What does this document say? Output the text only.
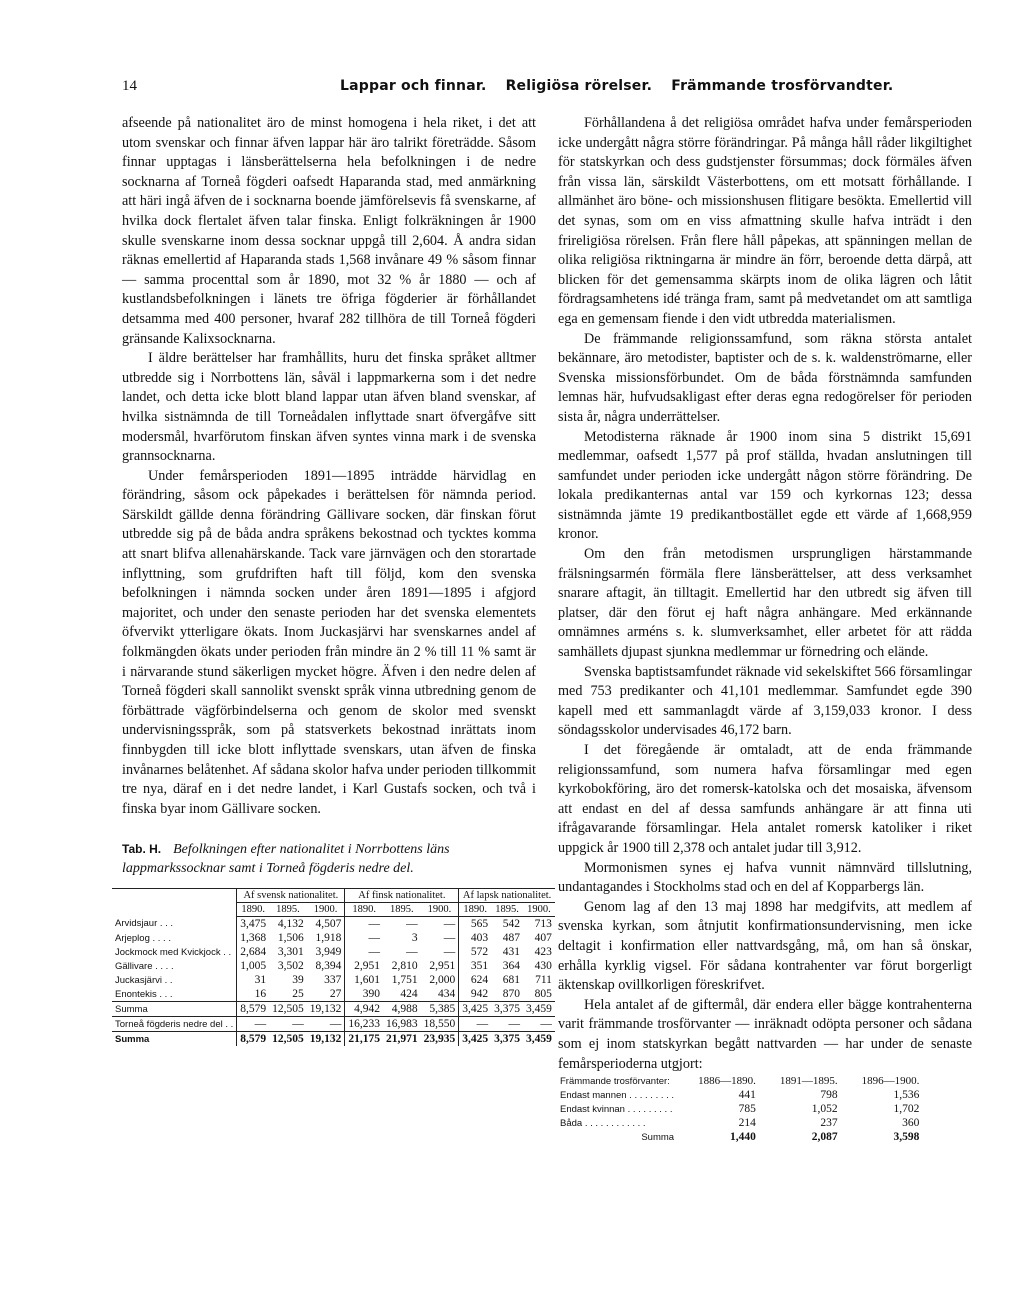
14	Lappar och finnar. Religiösa rörelser. Främmande trosförvandter.

afseende på nationalitet äro de minst homogena i hela riket, i det att utom svenskar och finnar äfven lappar här äro talrikt företrädde. Såsom finnar upptagas i länsberättelserna hela befolkningen i de nedre socknarna af Torneå fögderi oafsedt Haparanda stad, med anmärkning att häri ingå äfven de i socknarna boende jämförelsevis få svenskarne, af hvilka dock flertalet äfven talar finska. Enligt folkräkningen år 1900 skulle svenskarne inom dessa socknar uppgå till 2,604. Å andra sidan räknas emellertid af Haparanda stads 1,568 invånare 49 % såsom finnar — samma procenttal som år 1890, mot 32 % år 1880 — och af kustlandsbefolkningen i länets tre öfriga fögderier är förhållandet detsamma med 400 personer, hvaraf 282 tillhöra de till Torneå fögderi gränsande Kalixsocknarna.

I äldre berättelser har framhållits, huru det finska språket alltmer utbredde sig i Norrbottens län, såväl i lappmarkerna som i det nedre landet, och detta icke blott bland lappar utan äfven bland svenskar, af hvilka sistnämnda de till Torneådalen inflyttade snart öfvergåfve sitt modersmål, hvarförutom finskan äfven syntes vinna mark i de svenska grannsocknarna.

Under femårsperioden 1891—1895 inträdde härvidlag en förändring, såsom ock påpekades i berättelsen för nämnda period. Särskildt gällde denna förändring Gällivare socken, där finskan förut utbredde sig på de båda andra språkens bekostnad och tycktes komma att snart blifva allenahärskande. Tack vare järnvägen och den storartade inflyttning, som grufdriften haft till följd, kom den svenska befolkningen i nämnda socken under åren 1891—1895 i afgjord majoritet, och under den senaste perioden har det svenska elementets öfvervikt ytterligare ökats. Inom Juckasjärvi har svenskarnes andel af folkmängden ökats under perioden från mindre än 2 % till 11 % samt är i närvarande stund säkerligen mycket högre. Äfven i den nedre delen af Torneå fögderi skall sannolikt svenskt språk vinna utbredning genom de förbättrade vägförbindelserna och genom de skolor med svenskt undervisningsspråk, som på statsverkets bekostnad inrättats inom finnbygden till icke blott inflyttade svenskars, utan äfven de finska invånarnes belåtenhet. Af sådana skolor hafva under perioden tillkommit tre nya, däraf en i det nedre landet, i Karl Gustafs socken, och två i finska byar inom Gällivare socken.

Tab. H. Befolkningen efter nationalitet i Norrbottens läns lappmarkssocknar samt i Torneå fögderis nedre del.
	Af svensk nationalitet.			Af finsk nationalitet.			Af lapsk nationalitet.		
	1890.	1895.	1900.	1890.	1895.	1900.	1890.	1895.	1900.
Arvidsjaur . . .	3,475	4,132	4,507	—	—	—	565	542	713
Arjeplog . . . .	1,368	1,506	1,918	—	3	—	403	487	407
Jockmock med Kvickjock . .	2,684	3,301	3,949	—	—	—	572	431	423
Gällivare . . . .	1,005	3,502	8,394	2,951	2,810	2,951	351	364	430
Juckasjärvi . .	31	39	337	1,601	1,751	2,000	624	681	711
Enontekis . . .	16	25	27	390	424	434	942	870	805
Summa	8,579	12,505	19,132	4,942	4,988	5,385	3,425	3,375	3,459
Torneå fögderis nedre del . .	—	—	—	16,233	16,983	18,550	—	—	—
Summa	8,579	12,505	19,132	21,175	21,971	23,935	3,425	3,375	3,459

Förhållandena å det religiösa området hafva under femårsperioden icke undergått några större förändringar. På många håll råder likgiltighet för statskyrkan och dess gudstjenster försummas; dock förmäles äfven från vissa län, särskildt Västerbottens, om ett motsatt förhållande. I allmänhet äro böne- och missionshusen flitigare besökta. Emellertid vill det synas, som om en viss afmattning skulle hafva inträdt i den frireligiösa rörelsen. Från flere håll påpekas, att spänningen mellan de olika religiösa riktningarna är mindre än förr, beroende detta därpå, att blicken för det gemensamma skärpts inom de olika lägren och låtit fördragsamhetens idé tränga fram, samt på medvetandet om att samtliga ega en gemensam fiende i den vidt utbredda materialismen.

De främmande religionssamfund, som räkna största antalet bekännare, äro metodister, baptister och de s. k. waldenströmarne, eller Svenska missionsförbundet. Om de båda förstnämnda samfunden lemnas här, hufvudsakligast efter deras egna redogörelser för perioden sista år, några underrättelser.

Metodisterna räknade år 1900 inom sina 5 distrikt 15,691 medlemmar, oafsedt 1,577 på prof ställda, hvadan anslutningen till samfundet under perioden icke undergått någon större förändring. De lokala predikanternas antal var 159 och kyrkornas 123; dessa sistnämnda jämte 19 predikantbostället egde ett värde af 1,668,959 kronor.

Om den från metodismen ursprungligen härstammande frälsningsarmén förmäla flere länsberättelser, att dess verksamhet snarare aftagit, än tilltagit. Emellertid har den utbredt sig äfven till platser, där den förut ej haft några anhängare. Med erkännande omnämnes arméns s. k. slumverksamhet, eller arbetet för att rädda samhällets djupast sjunkna medlemmar ur förnedring och elände.

Svenska baptistsamfundet räknade vid sekelskiftet 566 församlingar med 753 predikanter och 41,101 medlemmar. Samfundet egde 390 kapell med ett sammanlagdt värde af 3,159,033 kronor. I dess söndagsskolor undervisades 46,172 barn.

I det föregående är omtaladt, att de enda främmande religionssamfund, som numera hafva församlingar med egen kyrkobokföring, äro det romersk-katolska och det mosaiska, äfvensom att endast en del af dessa samfunds anhängare är att finna uti ifrågavarande församlingar. Hela antalet romersk katoliker i riket uppgick år 1900 till 2,378 och antalet judar till 3,912.

Mormonismen synes ej hafva vunnit nämnvärd tillslutning, undantagandes i Stockholms stad och en del af Kopparbergs län.

Genom lag af den 13 maj 1898 har medgifvits, att medlem af svenska kyrkan, som åtnjutit konfirmationsundervisning, men icke deltagit i konfirmation eller nattvardsgång, må, om han så önskar, erhålla kyrklig vigsel. För sådana kontrahenter var förut borgerligt äktenskap ovillkorligen föreskrifvet.

Hela antalet af de giftermål, där endera eller bägge kontrahenterna varit främmande trosförvanter — inräknadt odöpta personer och sådana som ej inom statskyrkan begått nattvarden — har under de senaste femårsperioderna utgjort:

Främmande trosförvanter:	1886—1890.	1891—1895.	1896—1900.
Endast mannen . . . . . . . . .	441	798	1,536
Endast kvinnan . . . . . . . . .	785	1,052	1,702
Båda . . . . . . . . . . . .	214	237	360
Summa	1,440	2,087	3,598
